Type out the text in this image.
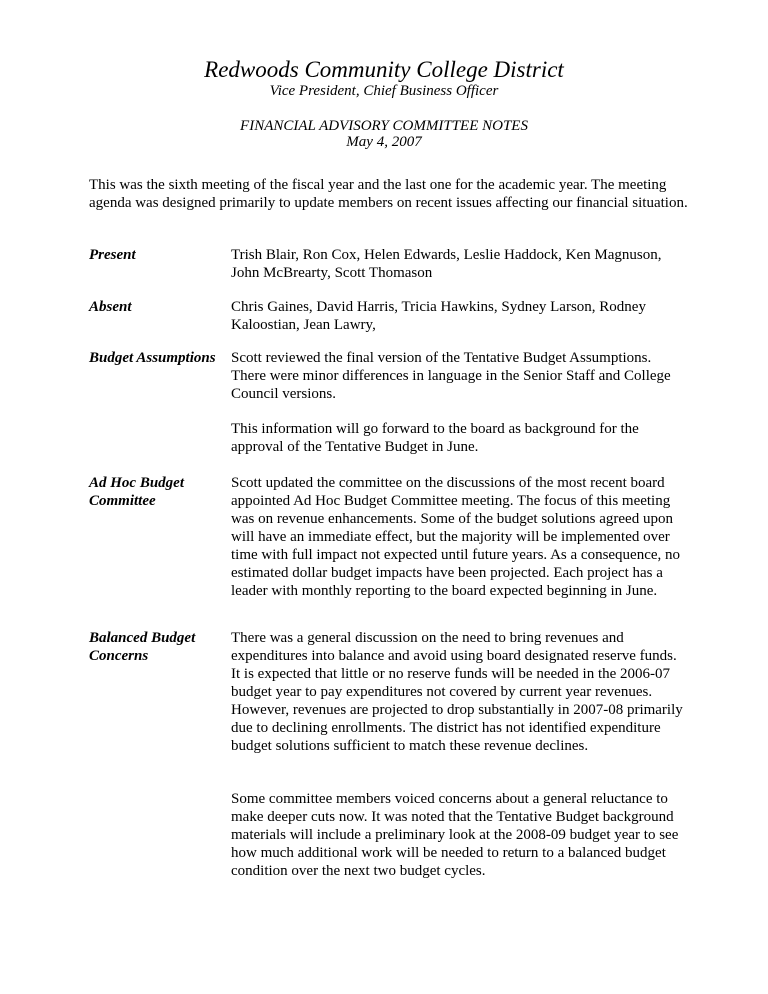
Redwoods Community College District
Vice President, Chief Business Officer
FINANCIAL ADVISORY COMMITTEE NOTES
May 4, 2007

This was the sixth meeting of the fiscal year and the last one for the academic year. The meeting agenda was designed primarily to update members on recent issues affecting our financial situation.

Present	Trish Blair, Ron Cox, Helen Edwards, Leslie Haddock, Ken Magnuson, John McBrearty, Scott Thomason

Absent	Chris Gaines, David Harris, Tricia Hawkins, Sydney Larson, Rodney Kaloostian, Jean Lawry,

Budget Assumptions Scott reviewed the final version of the Tentative Budget Assumptions. There were minor differences in language in the Senior Staff and College Council versions.

This information will go forward to the board as background for the approval of the Tentative Budget in June.

Ad Hoc Budget Committee

Scott updated the committee on the discussions of the most recent board appointed Ad Hoc Budget Committee meeting. The focus of this meeting was on revenue enhancements. Some of the budget solutions agreed upon will have an immediate effect, but the majority will be implemented over time with full impact not expected until future years. As a consequence, no estimated dollar budget impacts have been projected. Each project has a leader with monthly reporting to the board expected beginning in June.

Balanced Budget Concerns

There was a general discussion on the need to bring revenues and expenditures into balance and avoid using board designated reserve funds. It is expected that little or no reserve funds will be needed in the 2006-07 budget year to pay expenditures not covered by current year revenues. However, revenues are projected to drop substantially in 2007-08 primarily due to declining enrollments. The district has not identified expenditure budget solutions sufficient to match these revenue declines.

Some committee members voiced concerns about a general reluctance to make deeper cuts now. It was noted that the Tentative Budget background materials will include a preliminary look at the 2008-09 budget year to see how much additional work will be needed to return to a balanced budget condition over the next two budget cycles.
